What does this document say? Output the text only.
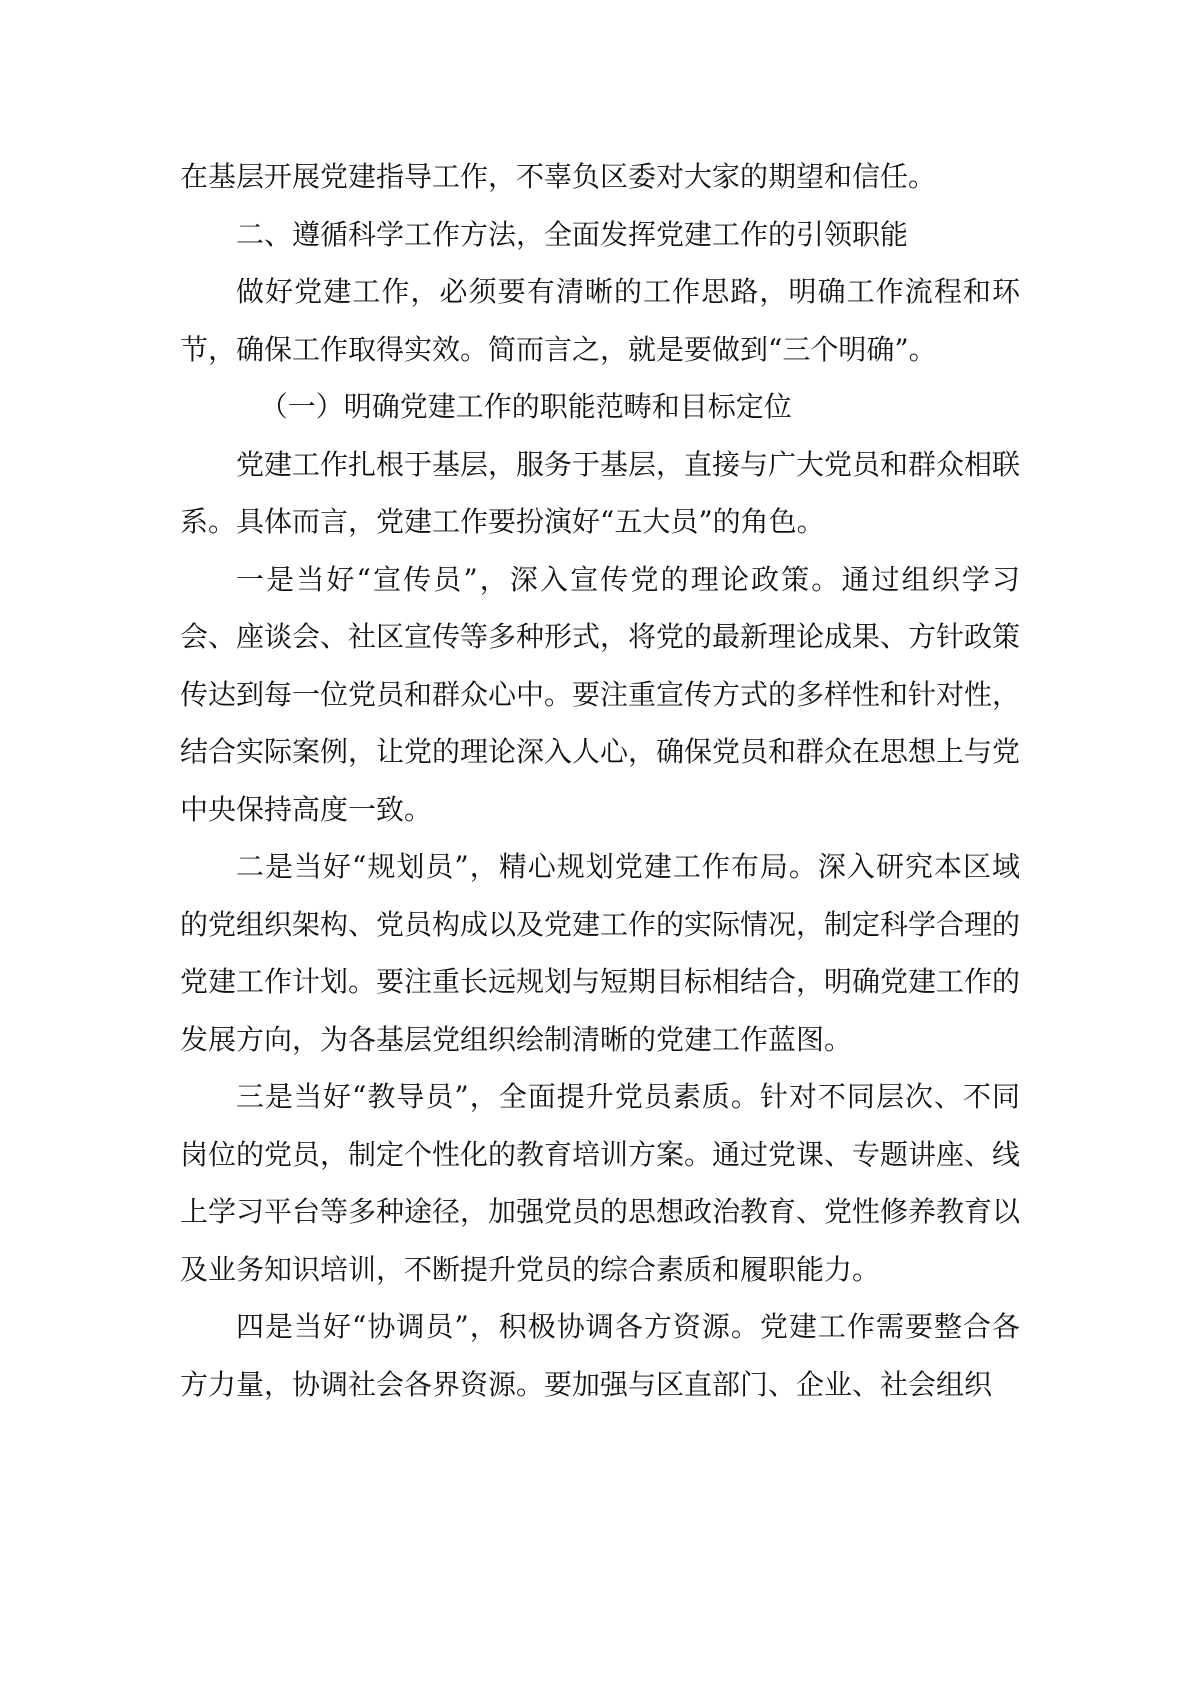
在基层开展党建指导工作，不辜负区委对大家的期望和信任。

二、遵循科学工作方法，全面发挥党建工作的引领职能

做好党建工作，必须要有清晰的工作思路，明确工作流程和环节，确保工作取得实效。简而言之，就是要做到“三个明确”。

（一）明确党建工作的职能范畴和目标定位

党建工作扎根于基层，服务于基层，直接与广大党员和群众相联系。具体而言，党建工作要扮演好“五大员”的角色。

一是当好“宣传员”，深入宣传党的理论政策。通过组织学习会、座谈会、社区宣传等多种形式，将党的最新理论成果、方针政策传达到每一位党员和群众心中。要注重宣传方式的多样性和针对性，结合实际案例，让党的理论深入人心，确保党员和群众在思想上与党中央保持高度一致。

二是当好“规划员”，精心规划党建工作布局。深入研究本区域的党组织架构、党员构成以及党建工作的实际情况，制定科学合理的党建工作计划。要注重长远规划与短期目标相结合，明确党建工作的发展方向，为各基层党组织绘制清晰的党建工作蓝图。

三是当好“教导员”，全面提升党员素质。针对不同层次、不同岗位的党员，制定个性化的教育培训方案。通过党课、专题讲座、线上学习平台等多种途径，加强党员的思想政治教育、党性修养教育以及业务知识培训，不断提升党员的综合素质和履职能力。

四是当好“协调员”，积极协调各方资源。党建工作需要整合各方力量，协调社会各界资源。要加强与区直部门、企业、社会组织
